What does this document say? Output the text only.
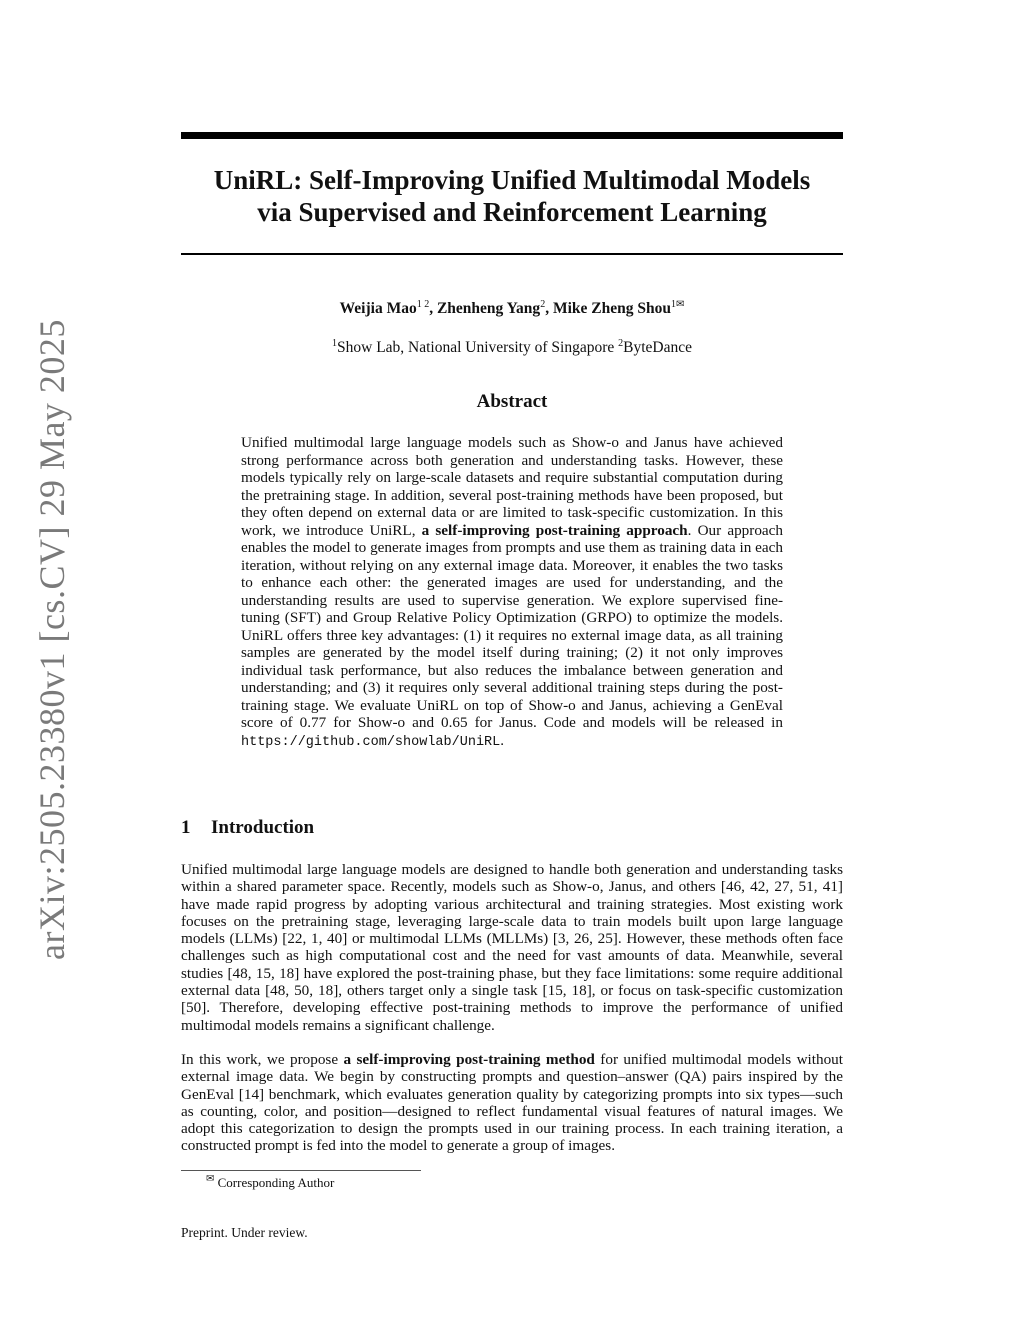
arXiv:2505.23380v1 [cs.CV] 29 May 2025
UniRL: Self-Improving Unified Multimodal Models
via Supervised and Reinforcement Learning
Weijia Mao$^{1 2}$, Zhenheng Yang$^2$, Mike Zheng Shou$^{1✉}$
$^1$Show Lab, National University of Singapore $^2$ByteDance
Abstract
Unified multimodal large language models such as Show-o and Janus have achieved strong performance across both generation and understanding tasks. However, these models typically rely on large-scale datasets and require substantial computation during the pretraining stage. In addition, several post-training methods have been proposed, but they often depend on external data or are limited to task-specific customization. In this work, we introduce UniRL, a self-improving post-training approach. Our approach enables the model to generate images from prompts and use them as training data in each iteration, without relying on any external image data. Moreover, it enables the two tasks to enhance each other: the generated images are used for understanding, and the understanding results are used to supervise generation. We explore supervised fine-tuning (SFT) and Group Relative Policy Optimization (GRPO) to optimize the models. UniRL offers three key advantages: (1) it requires no external image data, as all training samples are generated by the model itself during training; (2) it not only improves individual task performance, but also reduces the imbalance between generation and understanding; and (3) it requires only several additional training steps during the post-training stage. We evaluate UniRL on top of Show-o and Janus, achieving a GenEval score of 0.77 for Show-o and 0.65 for Janus. Code and models will be released in https://github.com/showlab/UniRL.
1 Introduction
Unified multimodal large language models are designed to handle both generation and understanding tasks within a shared parameter space. Recently, models such as Show-o, Janus, and others [46, 42, 27, 51, 41] have made rapid progress by adopting various architectural and training strategies. Most existing work focuses on the pretraining stage, leveraging large-scale data to train models built upon large language models (LLMs) [22, 1, 40] or multimodal LLMs (MLLMs) [3, 26, 25]. However, these methods often face challenges such as high computational cost and the need for vast amounts of data. Meanwhile, several studies [48, 15, 18] have explored the post-training phase, but they face limitations: some require additional external data [48, 50, 18], others target only a single task [15, 18], or focus on task-specific customization [50]. Therefore, developing effective post-training methods to improve the performance of unified multimodal models remains a significant challenge.
In this work, we propose a self-improving post-training method for unified multimodal models without external image data. We begin by constructing prompts and question–answer (QA) pairs inspired by the GenEval [14] benchmark, which evaluates generation quality by categorizing prompts into six types—such as counting, color, and position—designed to reflect fundamental visual features of natural images. We adopt this categorization to design the prompts used in our training process. In each training iteration, a constructed prompt is fed into the model to generate a group of images.
✉ Corresponding Author
Preprint. Under review.
